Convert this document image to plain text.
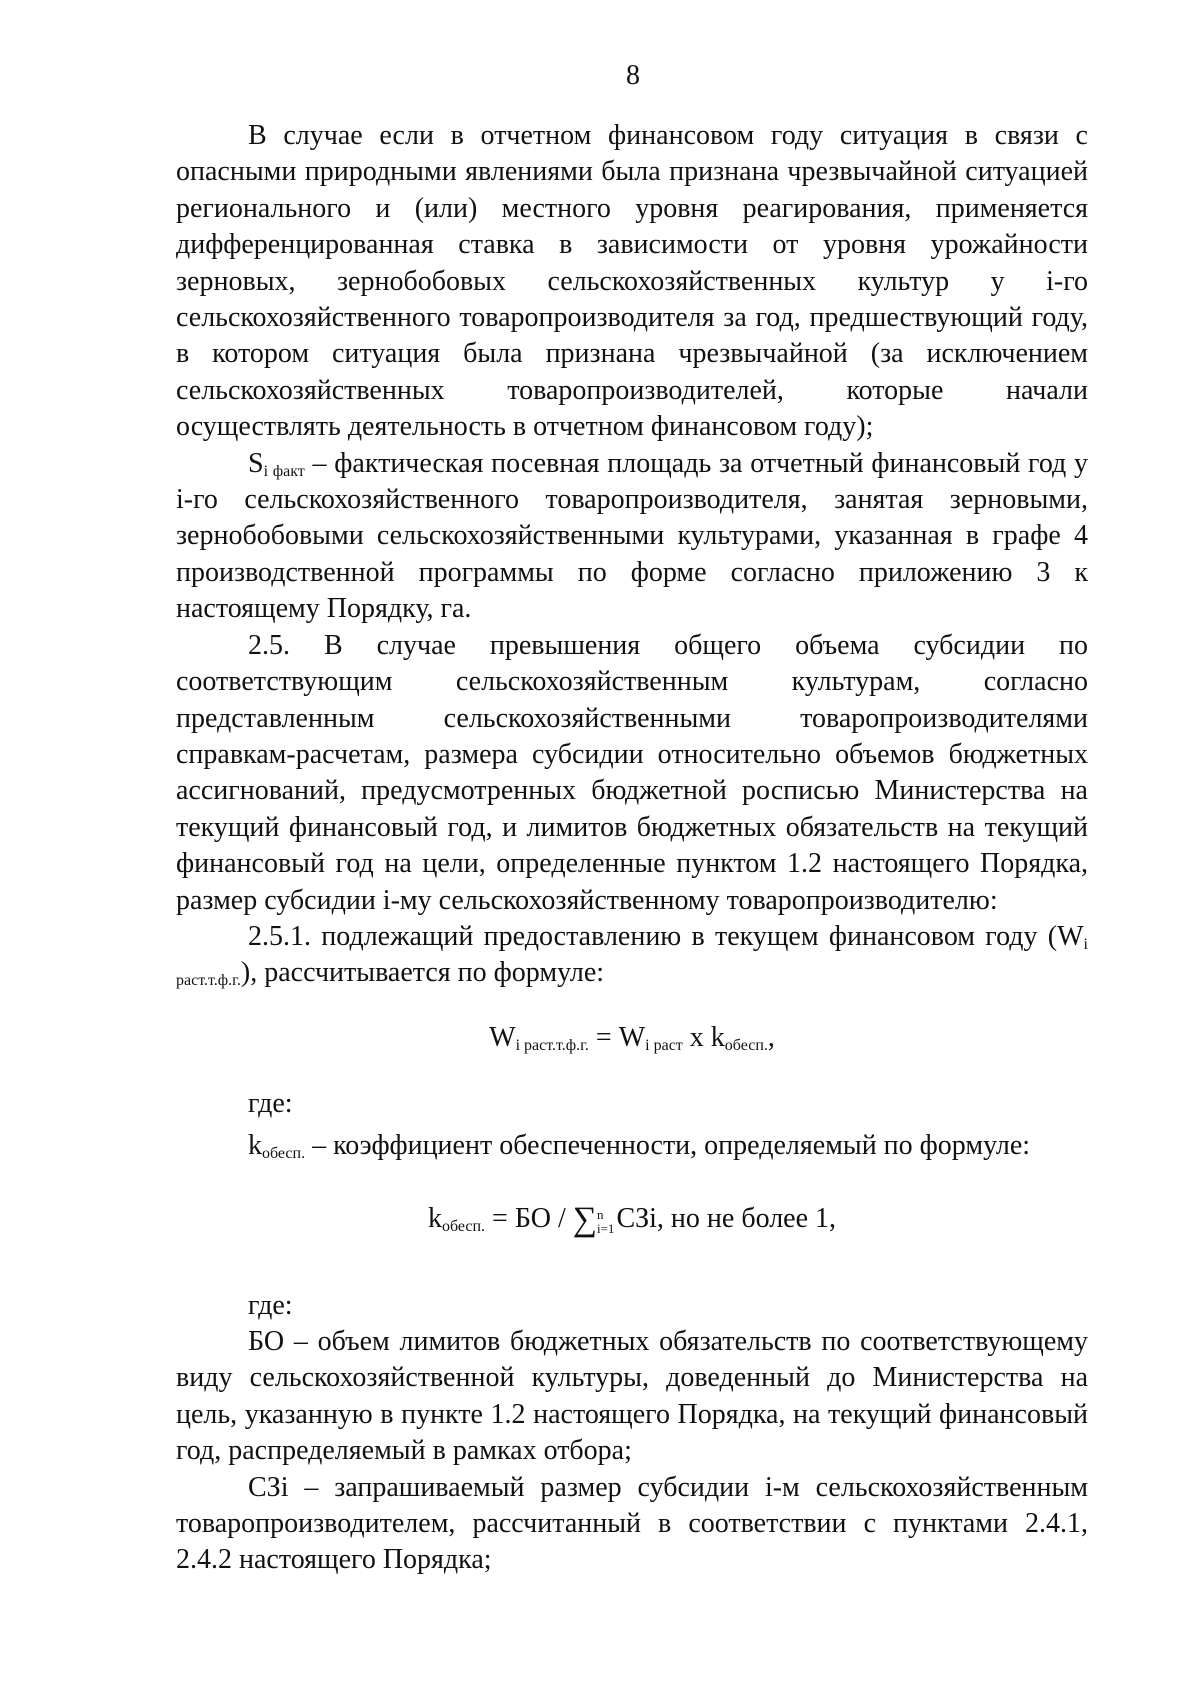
8

В случае если в отчетном финансовом году ситуация в связи с опасными природными явлениями была признана чрезвычайной ситуацией регионального и (или) местного уровня реагирования, применяется дифференцированная ставка в зависимости от уровня урожайности зерновых, зернобобовых сельскохозяйственных культур у i-го сельскохозяйственного товаропроизводителя за год, предшествующий году, в котором ситуация была признана чрезвычайной (за исключением сельскохозяйственных товаропроизводителей, которые начали осуществлять деятельность в отчетном финансовом году);

$S_{i факт}$ – фактическая посевная площадь за отчетный финансовый год у i-го сельскохозяйственного товаропроизводителя, занятая зерновыми, зернобобовыми сельскохозяйственными культурами, указанная в графе 4 производственной программы по форме согласно приложению 3 к настоящему Порядку, га.

2.5. В случае превышения общего объема субсидии по соответствующим сельскохозяйственным культурам, согласно представленным сельскохозяйственными товаропроизводителями справкам-расчетам, размера субсидии относительно объемов бюджетных ассигнований, предусмотренных бюджетной росписью Министерства на текущий финансовый год, и лимитов бюджетных обязательств на текущий финансовый год на цели, определенные пунктом 1.2 настоящего Порядка, размер субсидии i-му сельскохозяйственному товаропроизводителю:

2.5.1. подлежащий предоставлению в текущем финансовом году $(W_{i раст.т.ф.г.})$, рассчитывается по формуле:

$W_{i раст.т.ф.г.} = W_{i раст}$ x $k_{обесп.}$,

где:

$k_{обесп.}$ – коэффициент обеспеченности, определяемый по формуле:

$k_{обесп.}$ = БО / ∑ n
i=1 СЗi, но не более 1,

где:

БО – объем лимитов бюджетных обязательств по соответствующему виду сельскохозяйственной культуры, доведенный до Министерства на цель, указанную в пункте 1.2 настоящего Порядка, на текущий финансовый год, распределяемый в рамках отбора;

СЗi – запрашиваемый размер субсидии i-м сельскохозяйственным товаропроизводителем, рассчитанный в соответствии с пунктами 2.4.1, 2.4.2 настоящего Порядка;
